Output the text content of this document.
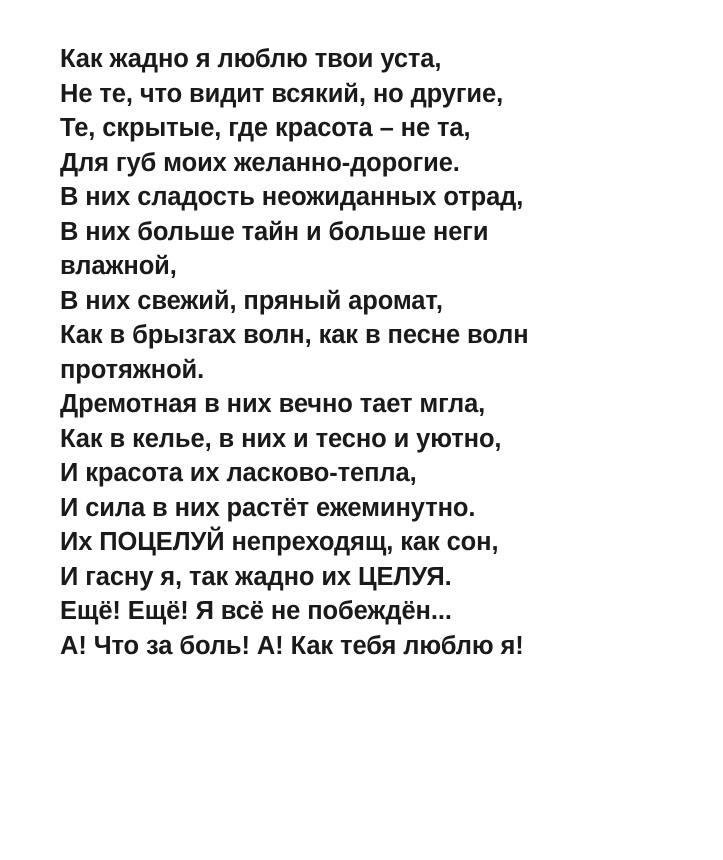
Как жадно я люблю твои уста,
Не те, что видит всякий, но другие,
Те, скрытые, где красота – не та,
Для губ моих желанно-дорогие.
В них сладость неожиданных отрад,
В них больше тайн и больше неги
влажной,
В них свежий, пряный аромат,
Как в брызгах волн, как в песне волн
протяжной.
Дремотная в них вечно тает мгла,
Как в келье, в них и тесно и уютно,
И красота их ласково-тепла,
И сила в них растёт ежеминутно.
Их ПОЦЕЛУЙ непреходящ, как сон,
И гасну я, так жадно их ЦЕЛУЯ.
Ещё! Ещё! Я всё не побеждён...
А! Что за боль! А! Как тебя люблю я!
